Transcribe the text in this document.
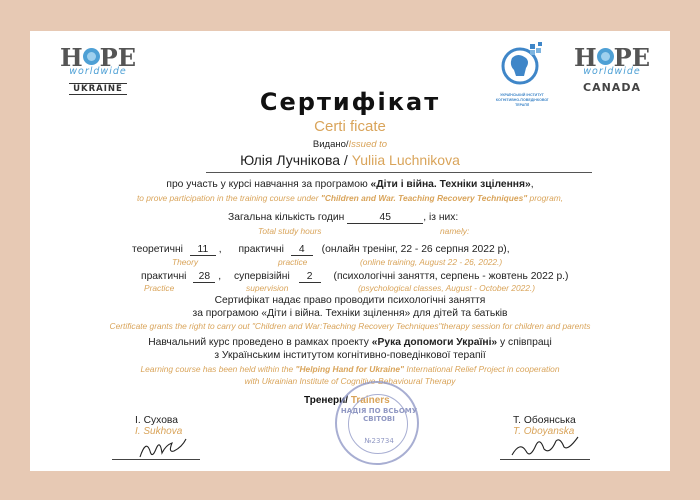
H PE
worldwide
UKRAINE
H PE
worldwide
CANADA
УКРАЇНСЬКИЙ ІНСТИТУТ КОГНІТИВНО-ПОВЕДІНКОВОЇ ТЕРАПІЇ
Сертифікат
Certi ficate
Видано/Issued to
Юлія Лучнікова / Yuliia Luchnikova
про участь у курсі навчання за програмою «Діти і війна. Техніки зцілення»,
to prove participation in the training course under "Children and War. Teaching Recovery Techniques" program,
Загальна кількість годин	45	, із них:
Total study hours	namely:
теоретичні 11 , практичні 4 (онлайн тренінг, 22 - 26 серпня 2022 р),
Theory	practice	(online training, August 22 - 26, 2022.)
практичні 28 , супервізійні 2 (психологічні заняття, серпень - жовтень 2022 р.)
Practice	supervision	(psychological classes, August - October 2022.)
Сертифікат надає право проводити психологічні заняття
за програмою «Діти і війна. Техніки зцілення» для дітей та батьків
Certificate grants the right to carry out "Children and War:Teaching Recovery Techniques"therapy session for children and parents
Навчальний курс проведено в рамках проекту «Рука допомоги Україні» у співпраці
з Українським інститутом когнітивно-поведінкової терапії
Learning course has been held within the "Helping Hand for Ukraine" International Relief Project in cooperation
with Ukrainian Institute of Cognitive-Behavioural Therapy
Тренери/ Trainers
НАДІЯ ПО ВСЬОМУ СВІТОВІ
№23734
І. Сухова
I. Sukhova
Т. Обоянська
T. Oboyanska
